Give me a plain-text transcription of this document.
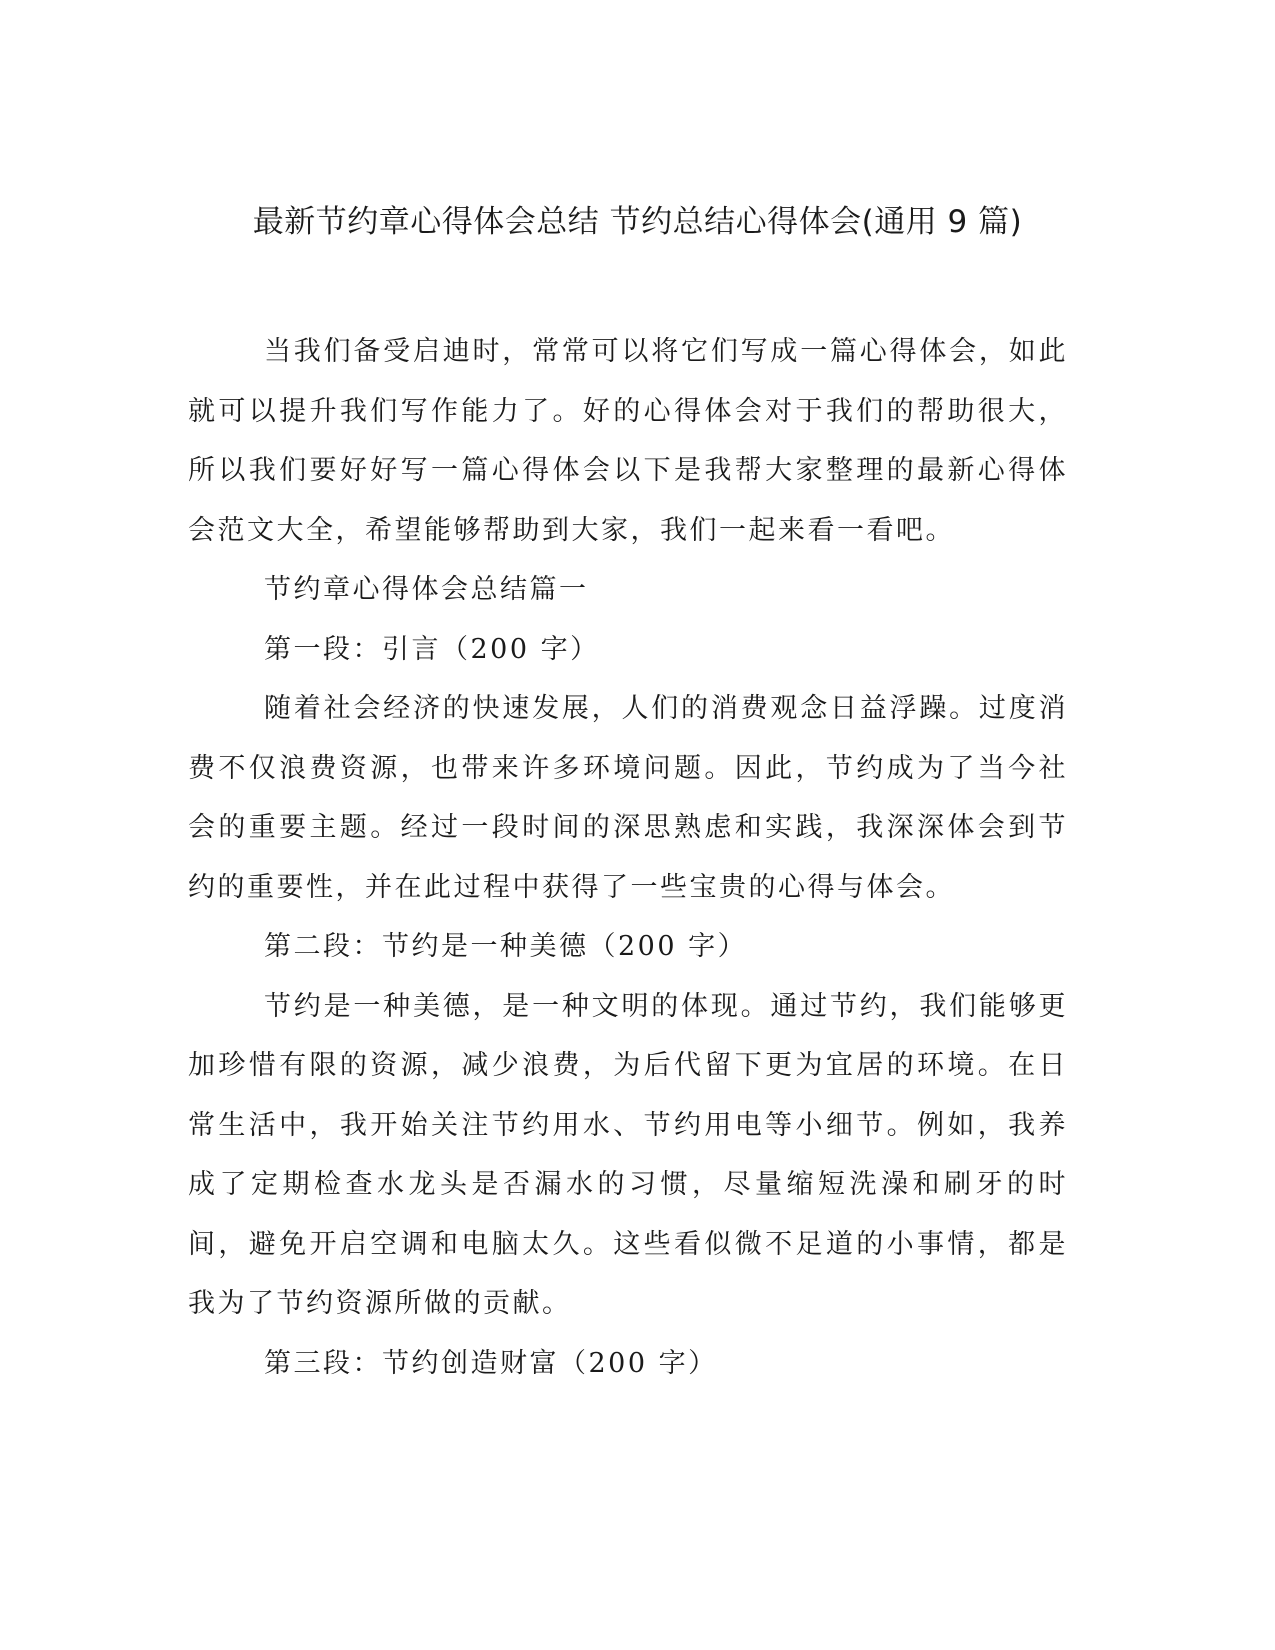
最新节约章心得体会总结 节约总结心得体会(通用 9 篇)

当我们备受启迪时，常常可以将它们写成一篇心得体会，如此就可以提升我们写作能力了。好的心得体会对于我们的帮助很大，所以我们要好好写一篇心得体会以下是我帮大家整理的最新心得体会范文大全，希望能够帮助到大家，我们一起来看一看吧。

节约章心得体会总结篇一

第一段：引言（200 字）

随着社会经济的快速发展，人们的消费观念日益浮躁。过度消费不仅浪费资源，也带来许多环境问题。因此，节约成为了当今社会的重要主题。经过一段时间的深思熟虑和实践，我深深体会到节约的重要性，并在此过程中获得了一些宝贵的心得与体会。

第二段：节约是一种美德（200 字）

节约是一种美德，是一种文明的体现。通过节约，我们能够更加珍惜有限的资源，减少浪费，为后代留下更为宜居的环境。在日常生活中，我开始关注节约用水、节约用电等小细节。例如，我养成了定期检查水龙头是否漏水的习惯，尽量缩短洗澡和刷牙的时间，避免开启空调和电脑太久。这些看似微不足道的小事情，都是我为了节约资源所做的贡献。

第三段：节约创造财富（200 字）
